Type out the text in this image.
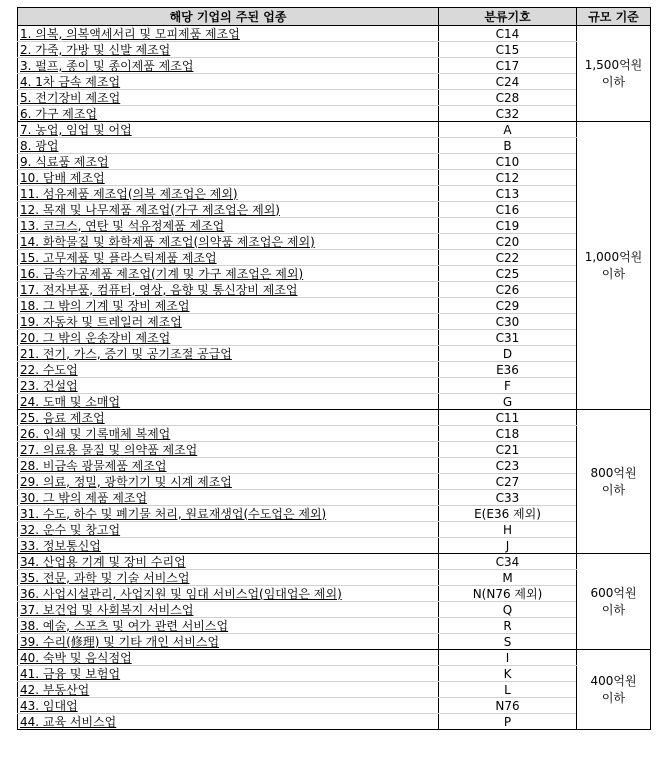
해당 기업의 주된 업종	분류기호	규모 기준
1. 의복, 의복액세서리 및 모피제품 제조업	C14	1,500억원
이하

2. 가죽, 가방 및 신발 제조업	C15	
3. 펄프, 종이 및 종이제품 제조업	C17	
4. 1차 금속 제조업	C24	
5. 전기장비 제조업	C28	
6. 가구 제조업	C32	
7. 농업, 임업 및 어업	A	1,000억원
이하

8. 광업	B	
9. 식료품 제조업	C10	
10. 담배 제조업	C12	
11. 섬유제품 제조업(의복 제조업은 제외)	C13	
12. 목재 및 나무제품 제조업(가구 제조업은 제외)	C16	
13. 코크스, 연탄 및 석유정제품 제조업	C19	
14. 화학물질 및 화학제품 제조업(의약품 제조업은 제외)	C20	
15. 고무제품 및 플라스틱제품 제조업	C22	
16. 금속가공제품 제조업(기계 및 가구 제조업은 제외)	C25	
17. 전자부품, 컴퓨터, 영상, 음향 및 통신장비 제조업	C26	
18. 그 밖의 기계 및 장비 제조업	C29	
19. 자동차 및 트레일러 제조업	C30	
20. 그 밖의 운송장비 제조업	C31	
21. 전기, 가스, 증기 및 공기조절 공급업	D	
22. 수도업	E36	
23. 건설업	F	
24. 도매 및 소매업	G	
25. 음료 제조업	C11	800억원
이하

26. 인쇄 및 기록매체 복제업	C18	
27. 의료용 물질 및 의약품 제조업	C21	
28. 비금속 광물제품 제조업	C23	
29. 의료, 정밀, 광학기기 및 시계 제조업	C27	
30. 그 밖의 제품 제조업	C33	
31. 수도, 하수 및 폐기물 처리, 원료재생업(수도업은 제외)	E(E36 제외)	
32. 운수 및 창고업	H	
33. 정보통신업	J	
34. 산업용 기계 및 장비 수리업	C34	600억원
이하

35. 전문, 과학 및 기술 서비스업	M	
36. 사업시설관리, 사업지원 및 임대 서비스업(임대업은 제외)	N(N76 제외)	
37. 보건업 및 사회복지 서비스업	Q	
38. 예술, 스포츠 및 여가 관련 서비스업	R	
39. 수리(修理) 및 기타 개인 서비스업	S	
40. 숙박 및 음식점업	I	400억원
이하

41. 금융 및 보험업	K	
42. 부동산업	L	
43. 임대업	N76	
44. 교육 서비스업	P	
